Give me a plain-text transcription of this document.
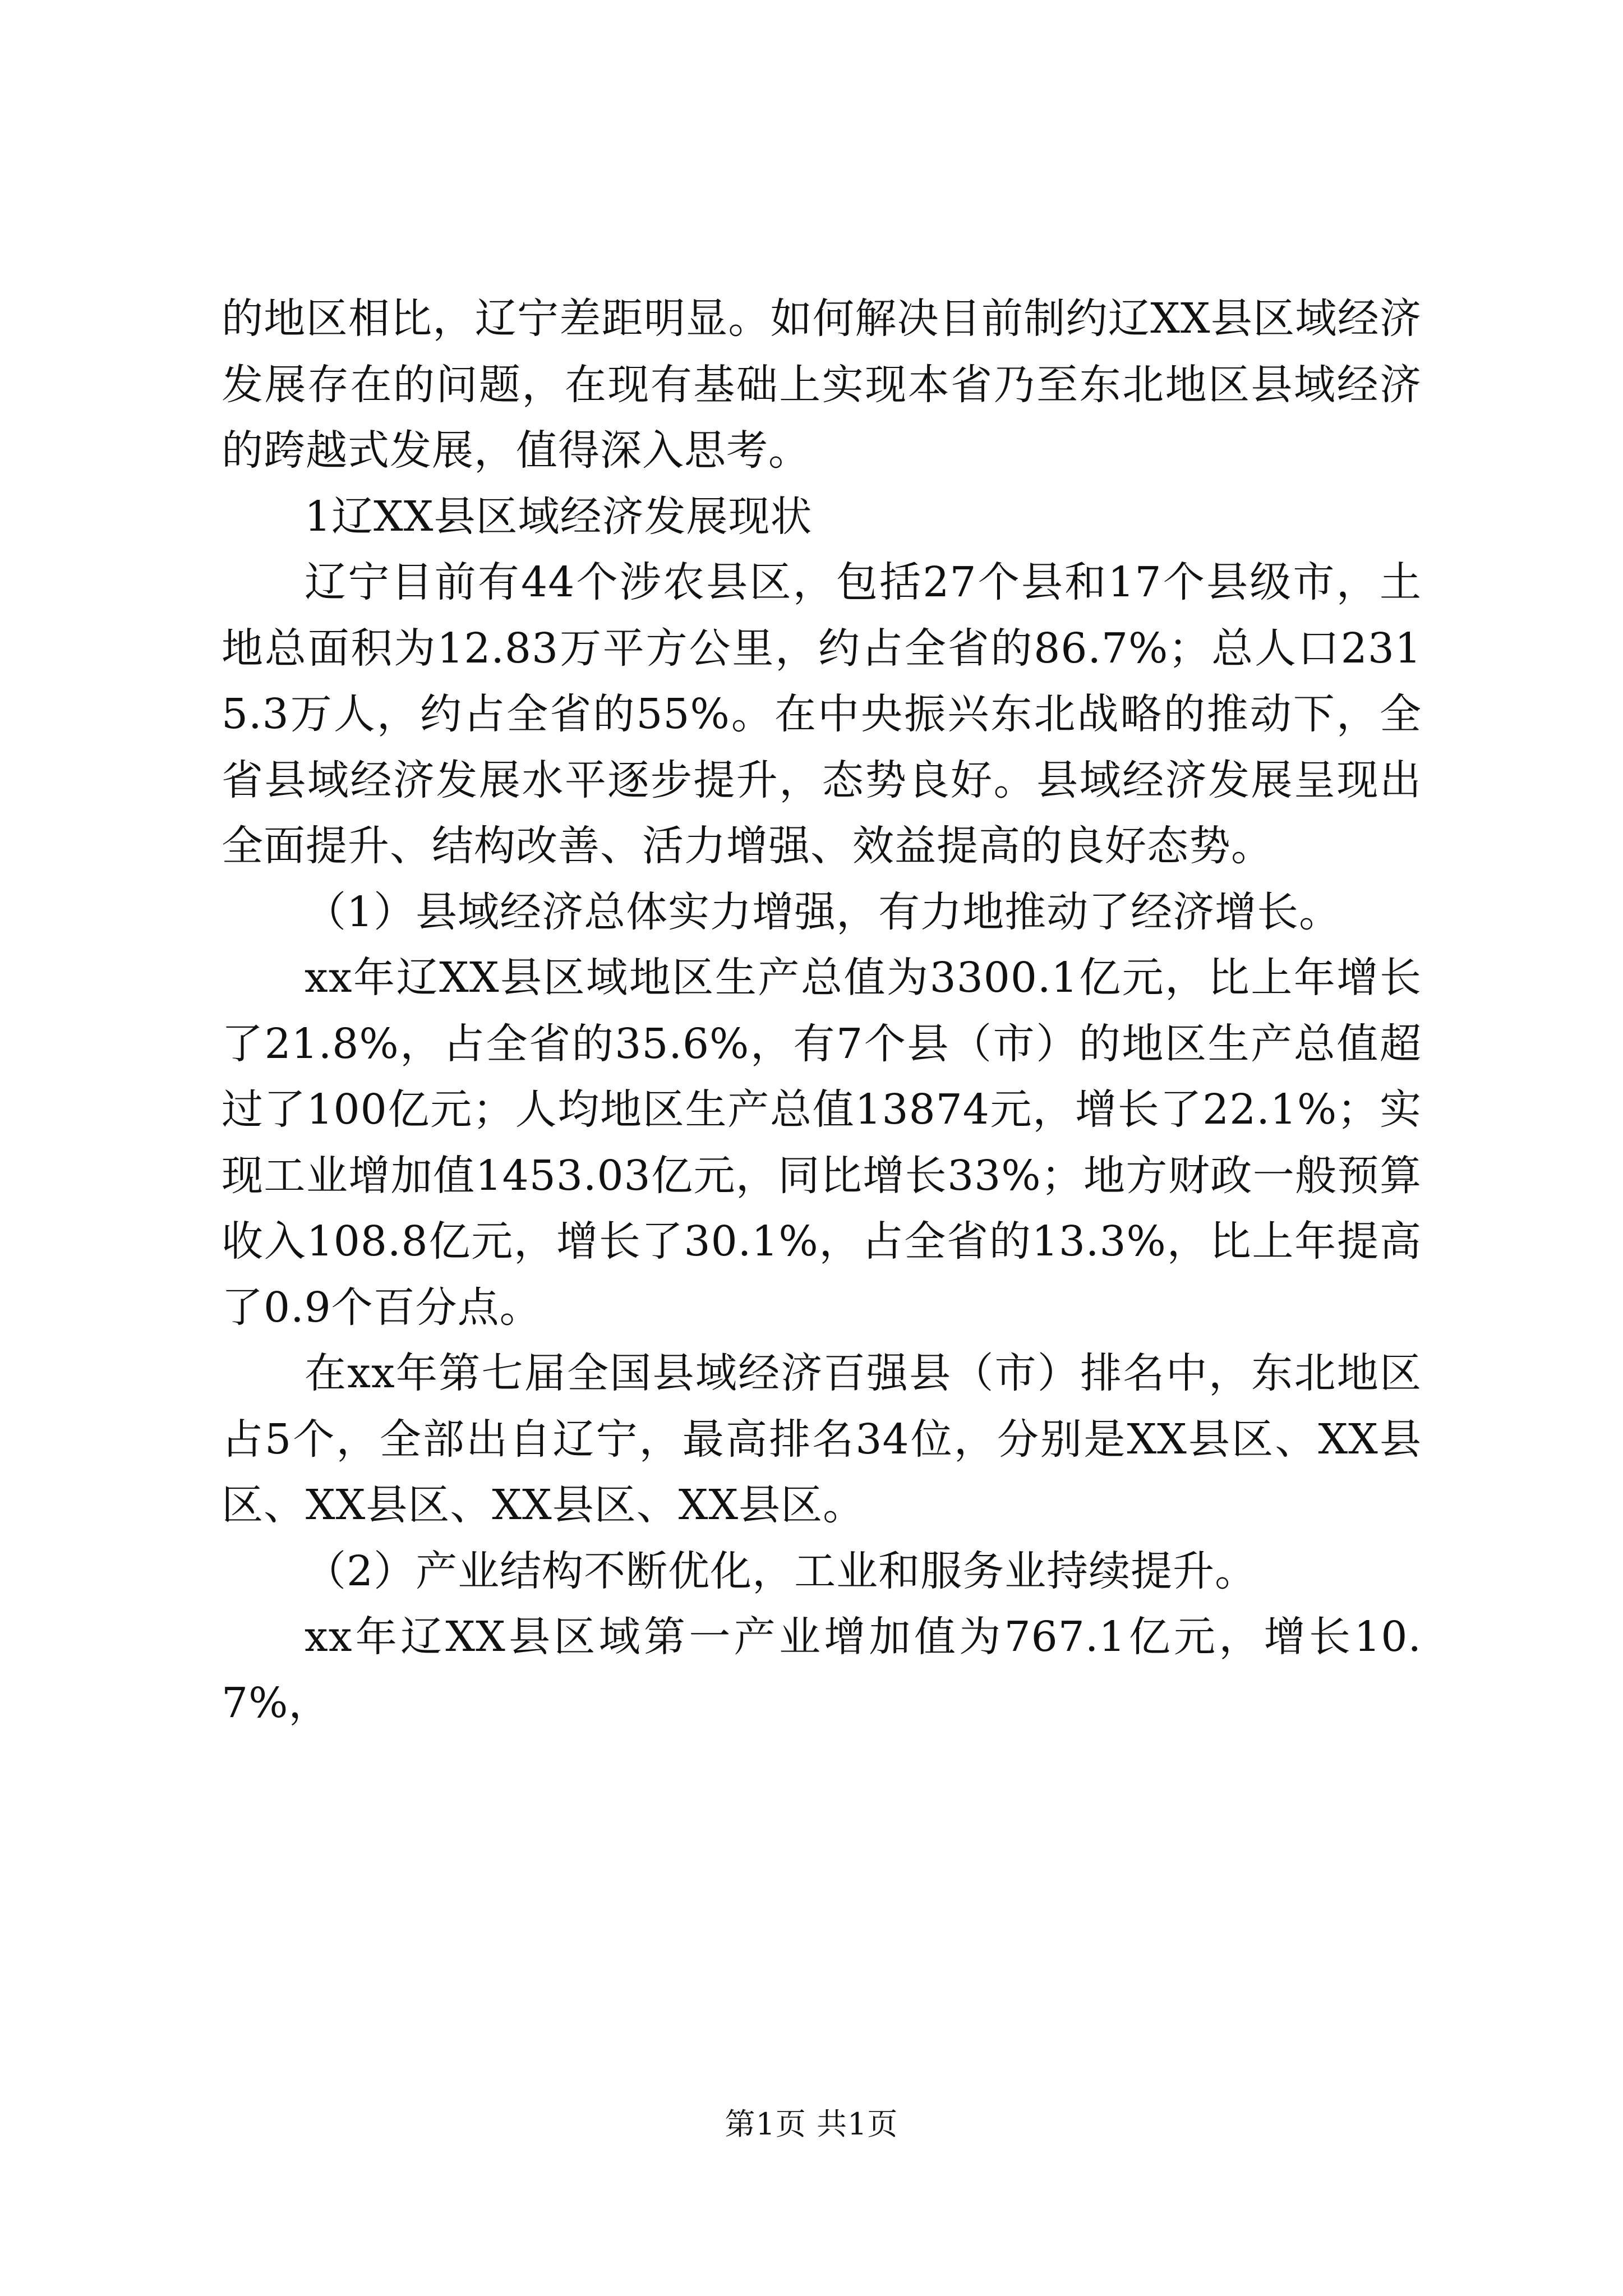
的地区相比，辽宁差距明显。如何解决目前制约辽XX县区域经济发展存在的问题，在现有基础上实现本省乃至东北地区县域经济的跨越式发展，值得深入思考。

1辽XX县区域经济发展现状

辽宁目前有44个涉农县区，包括27个县和17个县级市，土地总面积为12.83万平方公里，约占全省的86.7%；总人口2315.3万人，约占全省的55%。在中央振兴东北战略的推动下，全省县域经济发展水平逐步提升，态势良好。县域经济发展呈现出全面提升、结构改善、活力增强、效益提高的良好态势。

（1）县域经济总体实力增强，有力地推动了经济增长。

xx年辽XX县区域地区生产总值为3300.1亿元，比上年增长了21.8%，占全省的35.6%，有7个县（市）的地区生产总值超过了100亿元；人均地区生产总值13874元，增长了22.1%；实现工业增加值1453.03亿元，同比增长33%；地方财政一般预算收入108.8亿元，增长了30.1%，占全省的13.3%，比上年提高了0.9个百分点。

在xx年第七届全国县域经济百强县（市）排名中，东北地区占5个，全部出自辽宁，最高排名34位，分别是XX县区、XX县区、XX县区、XX县区、XX县区。

（2）产业结构不断优化，工业和服务业持续提升。

xx年辽XX县区域第一产业增加值为767.1亿元，增长10.7%，

第1页 共1页
